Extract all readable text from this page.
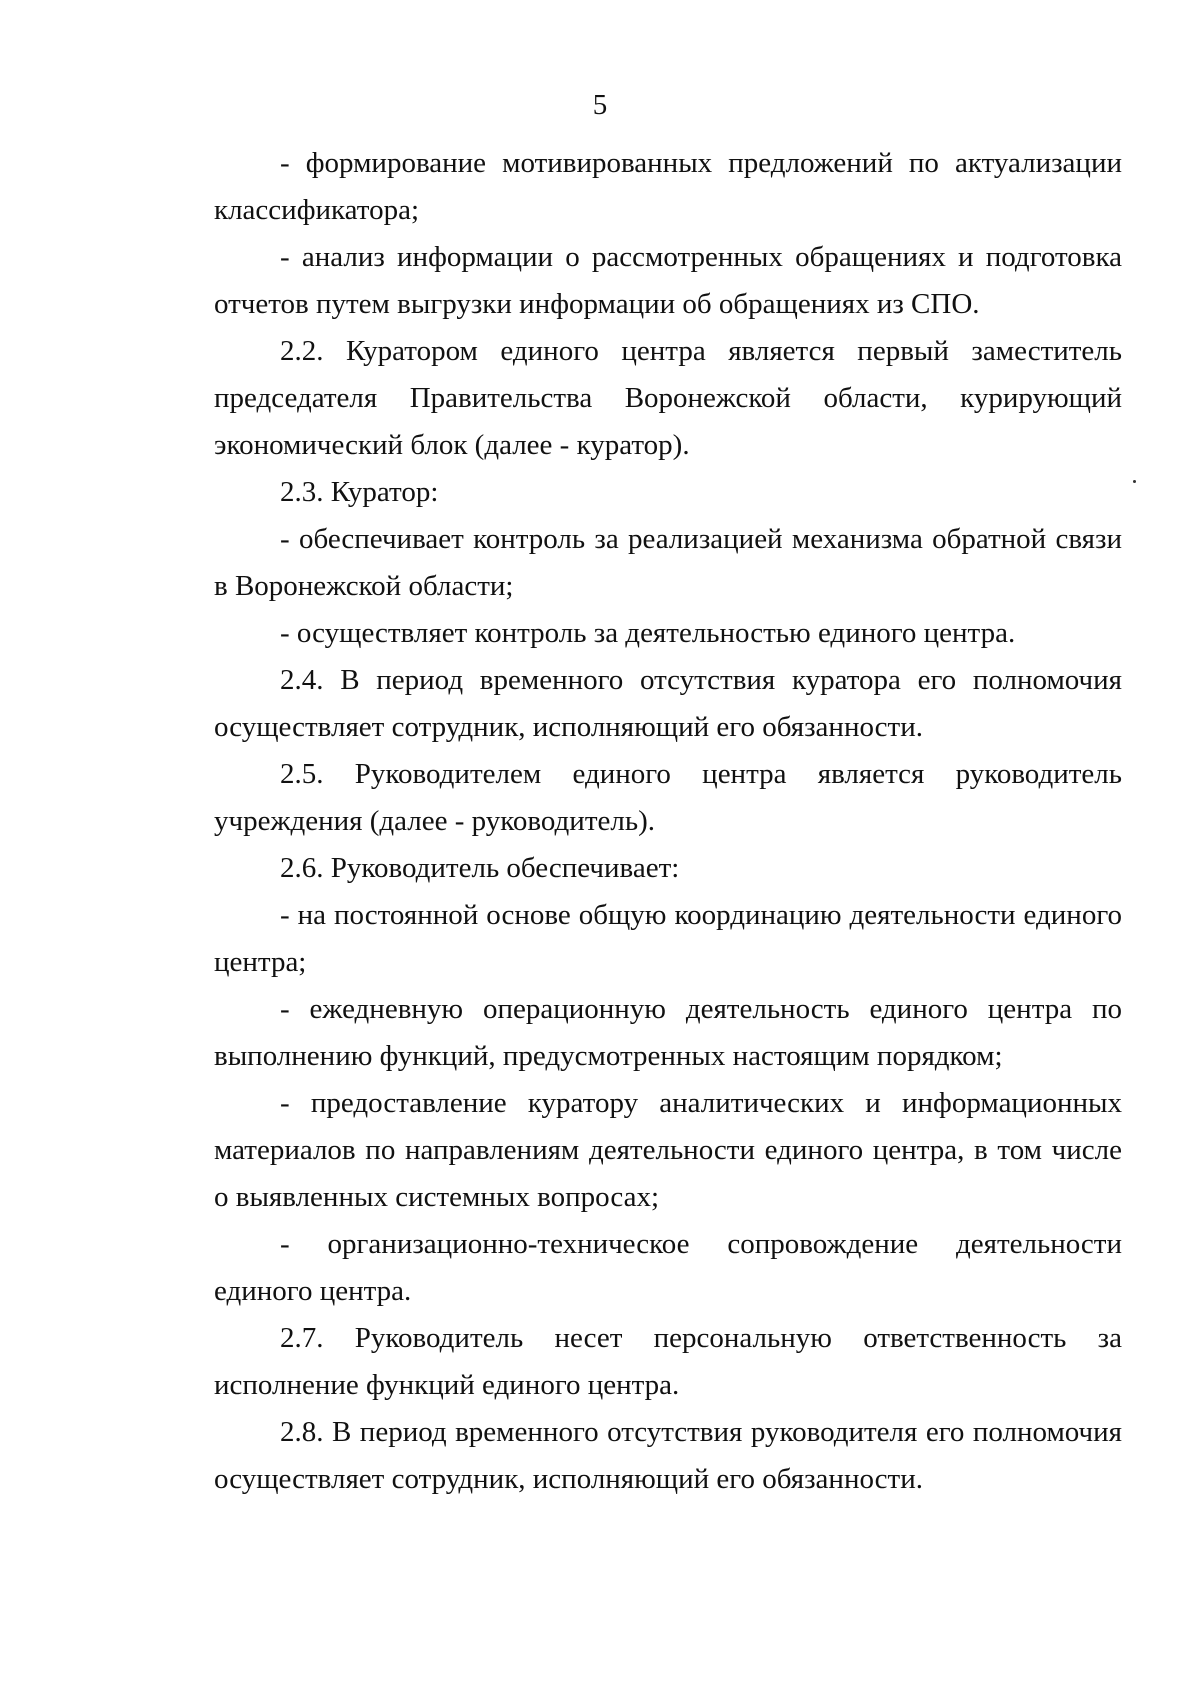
5

- формирование мотивированных предложений по актуализации классификатора;

- анализ информации о рассмотренных обращениях и подготовка отчетов путем выгрузки информации об обращениях из СПО.

2.2. Куратором единого центра является первый заместитель председателя Правительства Воронежской области, курирующий экономический блок (далее - куратор).

2.3. Куратор:

- обеспечивает контроль за реализацией механизма обратной связи в Воронежской области;

- осуществляет контроль за деятельностью единого центра.

2.4. В период временного отсутствия куратора его полномочия осуществляет сотрудник, исполняющий его обязанности.

2.5. Руководителем единого центра является руководитель учреждения (далее - руководитель).

2.6. Руководитель обеспечивает:

- на постоянной основе общую координацию деятельности единого центра;

- ежедневную операционную деятельность единого центра по выполнению функций, предусмотренных настоящим порядком;

- предоставление куратору аналитических и информационных материалов по направлениям деятельности единого центра, в том числе о выявленных системных вопросах;

- организационно-техническое сопровождение деятельности единого центра.

2.7. Руководитель несет персональную ответственность за исполнение функций единого центра.

2.8. В период временного отсутствия руководителя его полномочия осуществляет сотрудник, исполняющий его обязанности.
